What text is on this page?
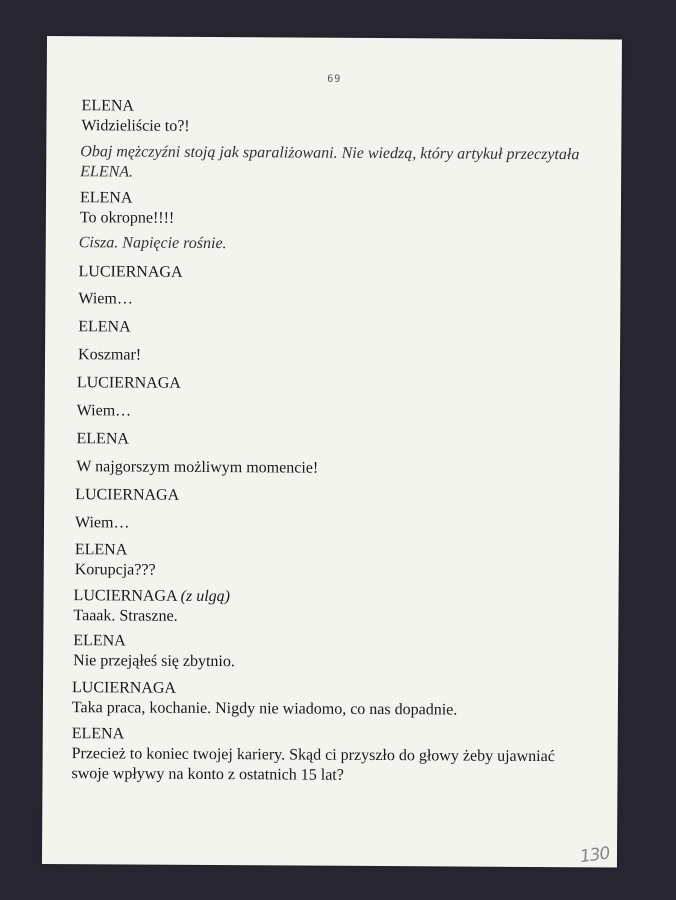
69
ELENA
Widzieliście to?!
Obaj mężczyźni stoją jak sparaliżowani. Nie wiedzą, który artykuł przeczytała
ELENA.
ELENA
To okropne!!!!
Cisza. Napięcie rośnie.
LUCIERNAGA
Wiem…
ELENA
Koszmar!
LUCIERNAGA
Wiem…
ELENA
W najgorszym możliwym momencie!
LUCIERNAGA
Wiem…
ELENA
Korupcja???
LUCIERNAGA (z ulgą)
Taaak. Straszne.
ELENA
Nie przejąłeś się zbytnio.
LUCIERNAGA
Taka praca, kochanie. Nigdy nie wiadomo, co nas dopadnie.
ELENA
Przecież to koniec twojej kariery. Skąd ci przyszło do głowy żeby ujawniać
swoje wpływy na konto z ostatnich 15 lat?
130
